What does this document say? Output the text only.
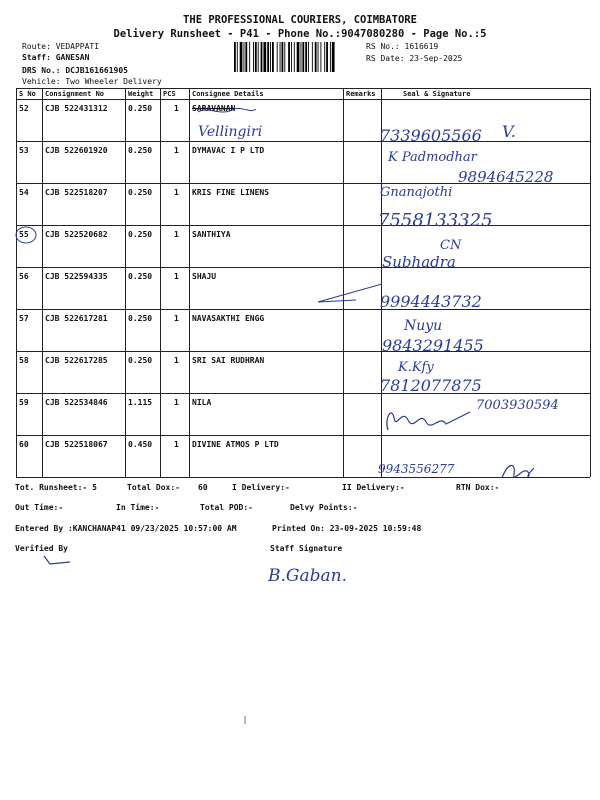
THE PROFESSIONAL COURIERS, COIMBATORE
Delivery Runsheet - P41 - Phone No.:9047080280 - Page No.:5
Route: VEDAPPATI
Staff: GANESAN
DRS No.: DCJB161661905
Vehicle: Two Wheeler Delivery
RS No.: 1616619
RS Date: 23-Sep-2025
S No Consignment No	Weight PCS Consignee Details	Remarks	Seal & Signature
52 CJB 522431312	0.250	1 SARAVANAN
53 CJB 522601920	0.250	1 DYMAVAC I P LTD
54 CJB 522518207	0.250	1 KRIS FINE LINENS
55 CJB 522520682	0.250	1 SANTHIYA
56 CJB 522594335	0.250	1 SHAJU
57 CJB 522617281	0.250	1 NAVASAKTHI ENGG
58 CJB 522617285	0.250	1 SRI SAI RUDHRAN
59 CJB 522534846	1.115	1 NILA
60 CJB 522518067	0.450	1 DIVINE ATMOS P LTD
Vellingiri	7339605566 V.
K Padmodhar
9894645228
Gnanajothi
7558133325
CN
Subhadra
9994443732
Nuyu
9843291455
K.Kfy
7812077875
7003930594
9943556277
Tot. Runsheet:- 5	Total Dox:- 60	I Delivery:-	II Delivery:-	RTN Dox:-
Out Time:-	In Time:-	Total POD:-	Delvy Points:-
Entered By :KANCHANAP41 09/23/2025 10:57:00 AM	Printed On: 23-09-2025 10:59:48
Verified By	Staff Signature
B.Gaban.
